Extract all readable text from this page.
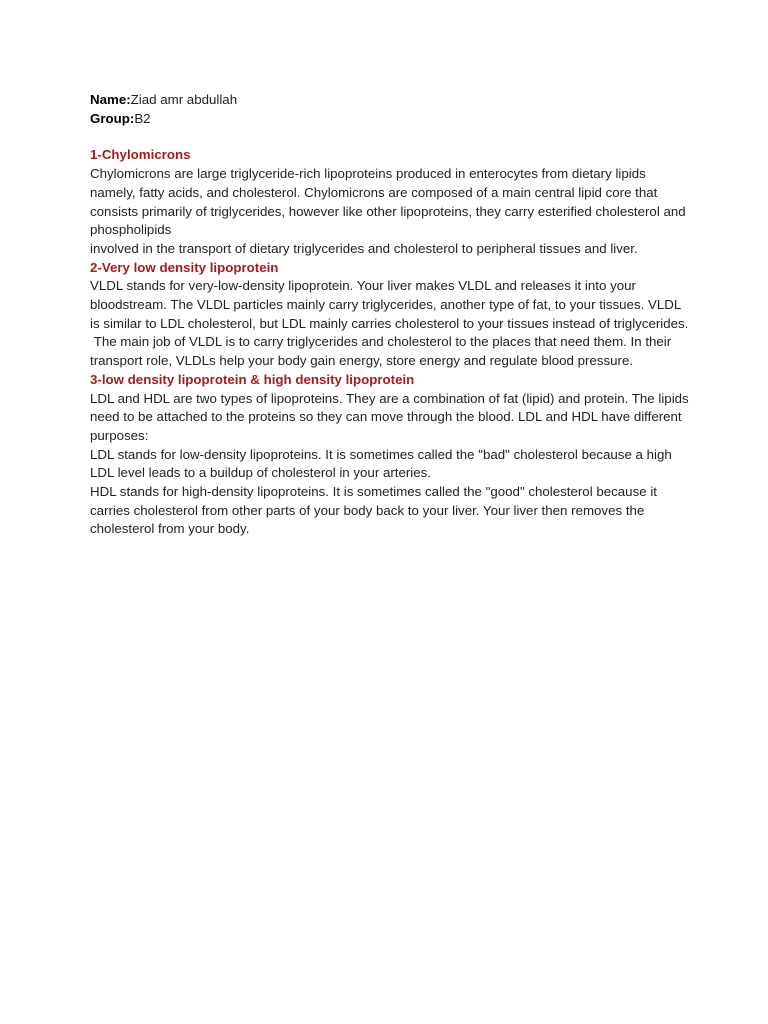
Name:Ziad amr abdullah

Group:B2

1-Chylomicrons

Chylomicrons are large triglyceride-rich lipoproteins produced in enterocytes from dietary lipids namely, fatty acids, and cholesterol. Chylomicrons are composed of a main central lipid core that consists primarily of triglycerides, however like other lipoproteins, they carry esterified cholesterol and phospholipids

involved in the transport of dietary triglycerides and cholesterol to peripheral tissues and liver.

2-Very low density lipoprotein

VLDL stands for very-low-density lipoprotein. Your liver makes VLDL and releases it into your bloodstream. The VLDL particles mainly carry triglycerides, another type of fat, to your tissues. VLDL is similar to LDL cholesterol, but LDL mainly carries cholesterol to your tissues instead of triglycerides.

The main job of VLDL is to carry triglycerides and cholesterol to the places that need them. In their transport role, VLDLs help your body gain energy, store energy and regulate blood pressure.

3-low density lipoprotein & high density lipoprotein

LDL and HDL are two types of lipoproteins. They are a combination of fat (lipid) and protein. The lipids need to be attached to the proteins so they can move through the blood. LDL and HDL have different purposes:

LDL stands for low-density lipoproteins. It is sometimes called the "bad" cholesterol because a high LDL level leads to a buildup of cholesterol in your arteries.

HDL stands for high-density lipoproteins. It is sometimes called the "good" cholesterol because it carries cholesterol from other parts of your body back to your liver. Your liver then removes the cholesterol from your body.
